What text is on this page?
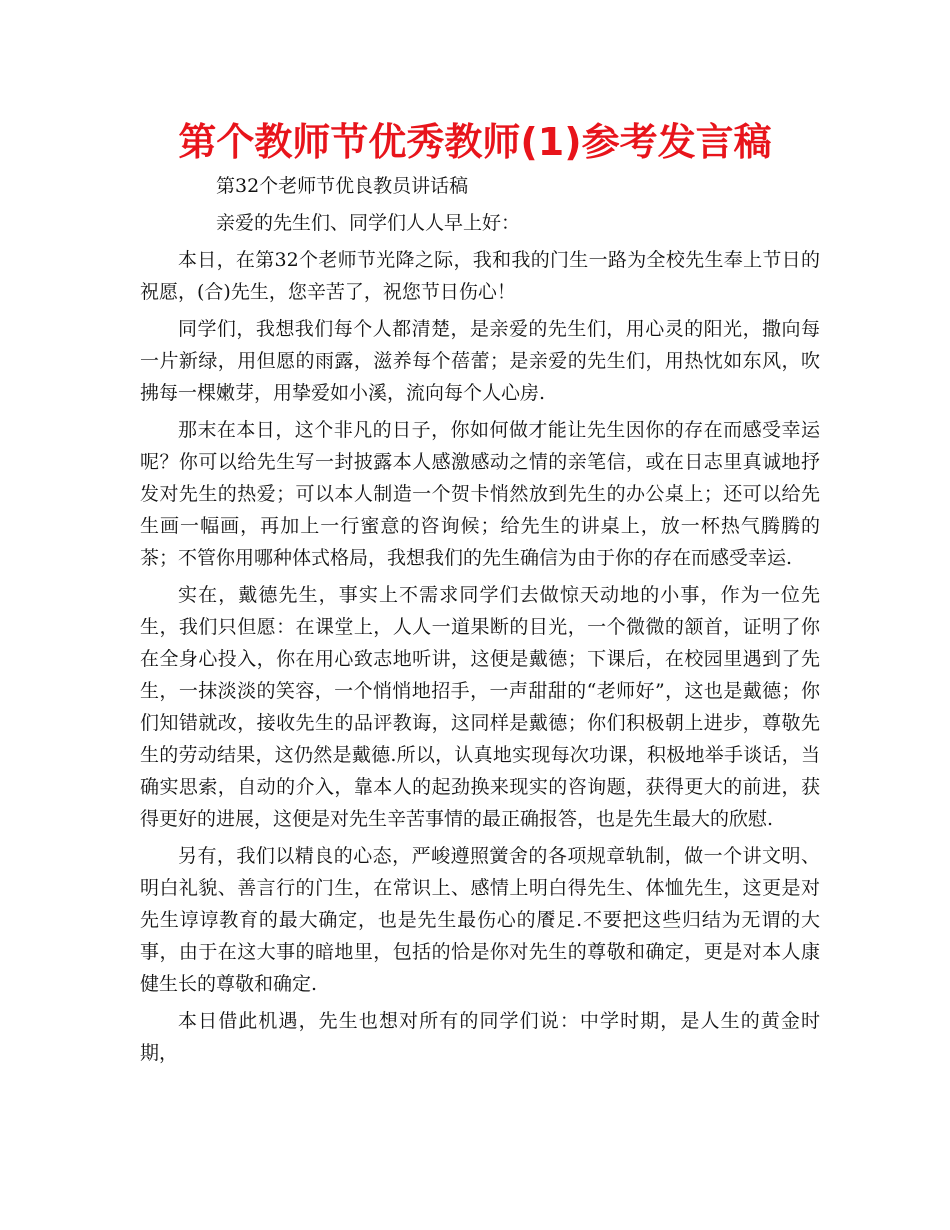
第个教师节优秀教师(1)参考发言稿

第32个老师节优良教员讲话稿

亲爱的先生们、同学们人人早上好：

本日，在第32个老师节光降之际，我和我的门生一路为全校先生奉上节日的祝愿，(合)先生，您辛苦了，祝您节日伤心！

同学们，我想我们每个人都清楚，是亲爱的先生们，用心灵的阳光，撒向每一片新绿，用但愿的雨露，滋养每个蓓蕾；是亲爱的先生们，用热忱如东风，吹拂每一棵嫩芽，用挚爱如小溪，流向每个人心房.

那末在本日，这个非凡的日子，你如何做才能让先生因你的存在而感受幸运呢？你可以给先生写一封披露本人感激感动之情的亲笔信，或在日志里真诚地抒发对先生的热爱；可以本人制造一个贺卡悄然放到先生的办公桌上；还可以给先生画一幅画，再加上一行蜜意的咨询候；给先生的讲桌上，放一杯热气腾腾的茶；不管你用哪种体式格局，我想我们的先生确信为由于你的存在而感受幸运.

实在，戴德先生，事实上不需求同学们去做惊天动地的小事，作为一位先生，我们只但愿：在课堂上，人人一道果断的目光，一个微微的颔首，证明了你在全身心投入，你在用心致志地听讲，这便是戴德；下课后，在校园里遇到了先生，一抹淡淡的笑容，一个悄悄地招手，一声甜甜的“老师好”，这也是戴德；你们知错就改，接收先生的品评教诲，这同样是戴德；你们积极朝上进步，尊敬先生的劳动结果，这仍然是戴德.所以，认真地实现每次功课，积极地举手谈话，当确实思索，自动的介入，靠本人的起劲换来现实的咨询题，获得更大的前进，获得更好的进展，这便是对先生辛苦事情的最正确报答，也是先生最大的欣慰.

另有，我们以精良的心态，严峻遵照黉舍的各项规章轨制，做一个讲文明、明白礼貌、善言行的门生，在常识上、感情上明白得先生、体恤先生，这更是对先生谆谆教育的最大确定，也是先生最伤心的餍足.不要把这些归结为无谓的大事，由于在这大事的暗地里，包括的恰是你对先生的尊敬和确定，更是对本人康健生长的尊敬和确定.

本日借此机遇，先生也想对所有的同学们说：中学时期，是人生的黄金时期，
